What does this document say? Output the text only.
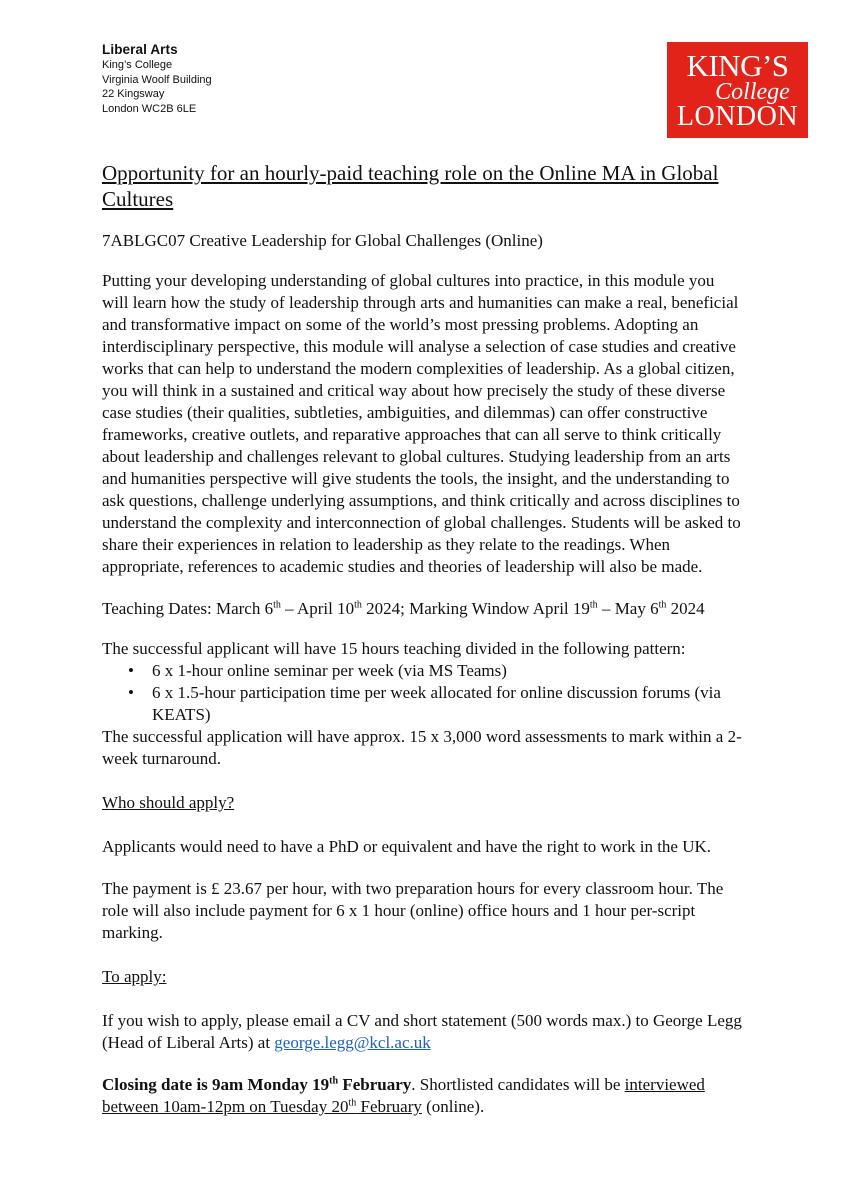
Liberal Arts
King’s College
Virginia Woolf Building
22 Kingsway
London WC2B 6LE
KING’S
College
LONDON

Opportunity for an hourly-paid teaching role on the Online MA in Global Cultures

7ABLGC07 Creative Leadership for Global Challenges (Online)

Putting your developing understanding of global cultures into practice, in this module you will learn how the study of leadership through arts and humanities can make a real, beneficial and transformative impact on some of the world’s most pressing problems. Adopting an interdisciplinary perspective, this module will analyse a selection of case studies and creative works that can help to understand the modern complexities of leadership. As a global citizen, you will think in a sustained and critical way about how precisely the study of these diverse case studies (their qualities, subtleties, ambiguities, and dilemmas) can offer constructive frameworks, creative outlets, and reparative approaches that can all serve to think critically about leadership and challenges relevant to global cultures. Studying leadership from an arts and humanities perspective will give students the tools, the insight, and the understanding to ask questions, challenge underlying assumptions, and think critically and across disciplines to understand the complexity and interconnection of global challenges. Students will be asked to share their experiences in relation to leadership as they relate to the readings. When appropriate, references to academic studies and theories of leadership will also be made.

Teaching Dates: March 6th – April 10th 2024; Marking Window April 19th – May 6th 2024

The successful applicant will have 15 hours teaching divided in the following pattern:

• 6 x 1-hour online seminar per week (via MS Teams)
• 6 x 1.5-hour participation time per week allocated for online discussion forums (via KEATS)

The successful application will have approx. 15 x 3,000 word assessments to mark within a 2-week turnaround.

Who should apply?

Applicants would need to have a PhD or equivalent and have the right to work in the UK.

The payment is £ 23.67 per hour, with two preparation hours for every classroom hour. The role will also include payment for 6 x 1 hour (online) office hours and 1 hour per-script marking.

To apply:

If you wish to apply, please email a CV and short statement (500 words max.) to George Legg (Head of Liberal Arts) at george.legg@kcl.ac.uk

Closing date is 9am Monday 19th February. Shortlisted candidates will be interviewed between 10am-12pm on Tuesday 20th February (online).
